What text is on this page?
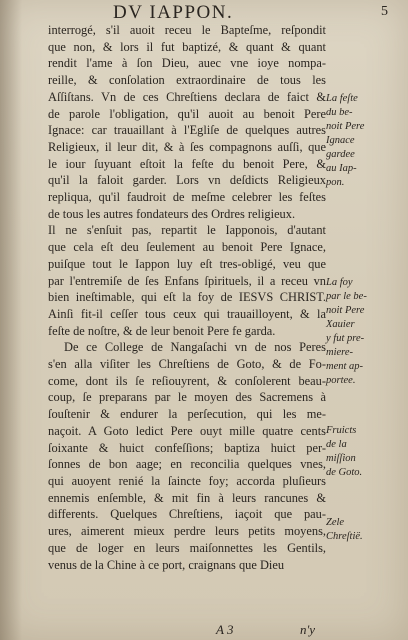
DV IAPPON.	5
interrogé, s'il auoit receu le Bapteſme, reſpondit
que non, & lors il fut baptizé, & quant & quant
rendit l'ame à ſon Dieu, auec vne ioye nompa-
reille, & conſolation extraordinaire de tous les
Aſſiſtans. Vn de ces Chreſtiens declara de faict &
de parole l'obligation, qu'il auoit au benoit Pere
Ignace: car trauaillant à l'Egliſe de quelques autres
Religieux, il leur dit, & à ſes compagnons auſſi, que
le iour ſuyuant eſtoit la feſte du benoit Pere, &
qu'il la faloit garder. Lors vn deſdicts Religieux
repliqua, qu'il faudroit de meſme celebrer les feſtes
de tous les autres fondateurs des Ordres religieux.
Il ne s'enſuit pas, repartit le Iapponois, d'autant
que cela eſt deu ſeulement au benoit Pere Ignace,
puiſque tout le Iappon luy eſt tres-obligé, veu que
par l'entremiſe de ſes Enfans ſpirituels, il a receu vn
bien ineſtimable, qui eſt la foy de IESVS CHRIST.
Ainſi fit-il ceſſer tous ceux qui trauailloyent, & la
feſte de noſtre, & de leur benoit Pere fe garda.
De ce College de Nangaſachi vn de nos Peres
s'en alla viſiter les Chreſtiens de Goto, & de Fo-
come, dont ils ſe reſiouyrent, & conſolerent beau-
coup, ſe preparans par le moyen des Sacremens à
ſouſtenir & endurer la perſecution, qui les me-
naçoit. A Goto ledict Pere ouyt mille quatre cents
ſoixante & huict confeſſions; baptiza huict per-
ſonnes de bon aage; en reconcilia quelques vnes,
qui auoyent renié la ſaincte foy; accorda pluſieurs
ennemis enſemble, & mit fin à leurs rancunes &
differents. Quelques Chreſtiens, iaçoit que pau-
ures, aimerent mieux perdre leurs petits moyens,
que de loger en leurs maiſonnettes les Gentils,
venus de la Chine à ce port, craignans que Dieu
La feſte
du be-
noit Pere
Ignace
gardee
au Iap-
pon.
La foy
par le be-
noit Pere
Xauier
y fut pre-
miere-
ment ap-
portee.
Fruicts
de la
miſſion
de Goto.
Zele
Chreſtië.
A 3	n'y
